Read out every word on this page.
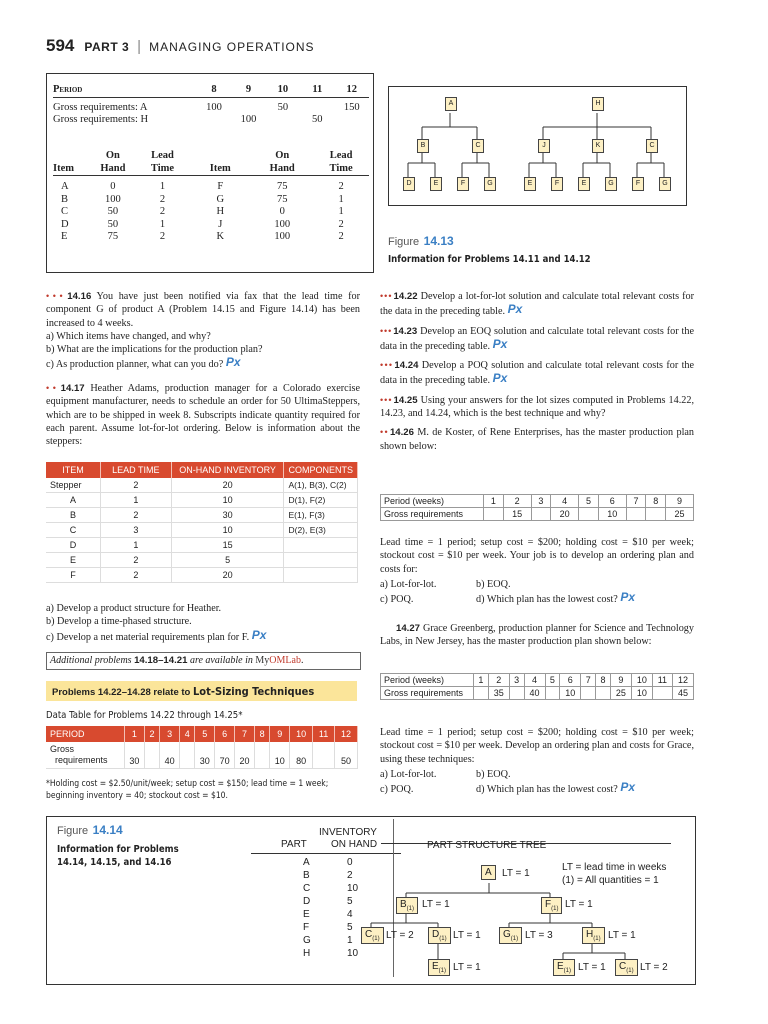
594 PART 3 | MANAGING OPERATIONS
Period	8	9	10	11	12

Gross requirements: A	100		50		150
Gross requirements: H		100		50	
	On	Lead		On	Lead
Item	Hand	Time	Item	Hand	Time

A	0	1	F	75	2
B	100	2	G	75	1
C	50	2	H	0	1
D	50	1	J	100	2
E	75	2	K	100	2
A	H
B	C	J	K	C
D	E	F	G	E	F	E	G	F	G
Figure 14.13
Information for Problems 14.11 and 14.12

• • • 14.16 You have just been notified via fax that the lead time for component G of product A (Problem 14.15 and Figure 14.14) has been increased to 4 weeks.

a) Which items have changed, and why?

b) What are the implications for the production plan?

c) As production planner, what can you do? Px

• • 14.17 Heather Adams, production manager for a Colorado exercise equipment manufacturer, needs to schedule an order for 50 UltimaSteppers, which are to be shipped in week 8. Subscripts indicate quantity required for each parent. Assume lot-for-lot ordering. Below is information about the steppers:

ITEM	LEAD TIME	ON-HAND INVENTORY	COMPONENTS
Stepper	2	20	A(1), B(3), C(2)
A	1	10	D(1), F(2)
B	2	30	E(1), F(3)
C	3	10	D(2), E(3)
D	1	15	
E	2	5	
F	2	20	

a) Develop a product structure for Heather.

b) Develop a time-phased structure.

c) Develop a net material requirements plan for F. Px

Additional problems 14.18–14.21 are available in MyOMLab.
Problems 14.22–14.28 relate to Lot-Sizing Techniques
Data Table for Problems 14.22 through 14.25*
PERIOD	1	2	3	4	5	6	7	8	9	10	11	12
Gross
requirements	30		40		30	70	20		10	80		50
*Holding cost = $2.50/unit/week; setup cost = $150; lead time = 1 week;
beginning inventory = 40; stockout cost = $10.

• • • 14.22 Develop a lot-for-lot solution and calculate total relevant costs for the data in the preceding table. Px

• • • 14.23 Develop an EOQ solution and calculate total relevant costs for the data in the preceding table. Px

• • • 14.24 Develop a POQ solution and calculate total relevant costs for the data in the preceding table. Px

• • • 14.25 Using your answers for the lot sizes computed in Problems 14.22, 14.23, and 14.24, which is the best technique and why?

• • 14.26 M. de Koster, of Rene Enterprises, has the master production plan shown below:

Period (weeks)	1	2	3	4	5	6	7	8	9
Gross requirements		15		20		10			25

Lead time = 1 period; setup cost = $200; holding cost = $10 per week; stockout cost = $10 per week. Your job is to develop an ordering plan and costs for:

a) Lot-for-lot.	b) EOQ.

c) POQ.	d) Which plan has the lowest cost? Px

14.27 Grace Greenberg, production planner for Science and Technology Labs, in New Jersey, has the master production plan shown below:

Period (weeks)	1	2	3	4	5	6	7	8	9	10	11	12
Gross requirements		35		40		10			25	10		45

Lead time = 1 period; setup cost = $200; holding cost = $10 per week; stockout cost = $10 per week. Develop an ordering plan and costs for Grace, using these techniques:

a) Lot-for-lot.	b) EOQ.

c) POQ.	d) Which plan has the lowest cost? Px

Figure 14.14
Information for Problems
14.14, 14.15, and 14.16
INVENTORY
PART	ON HAND
A	0
B	2
C	10
D	5
E	4
F	5
G	1
H	10
PART STRUCTURE TREE
LT = lead time in weeks
(1) = All quantities = 1
A	LT = 1
$B_{(1)}$ LT = 1	$F_{(1)}$ LT = 1
$C_{(1)}$ LT = 2	$D_{(1)}$ LT = 1	$G_{(1)}$ LT = 3	$H_{(1)}$ LT = 1
$E_{(1)}$ LT = 1	$E_{(1)}$ LT = 1	$C_{(1)}$ LT = 2
